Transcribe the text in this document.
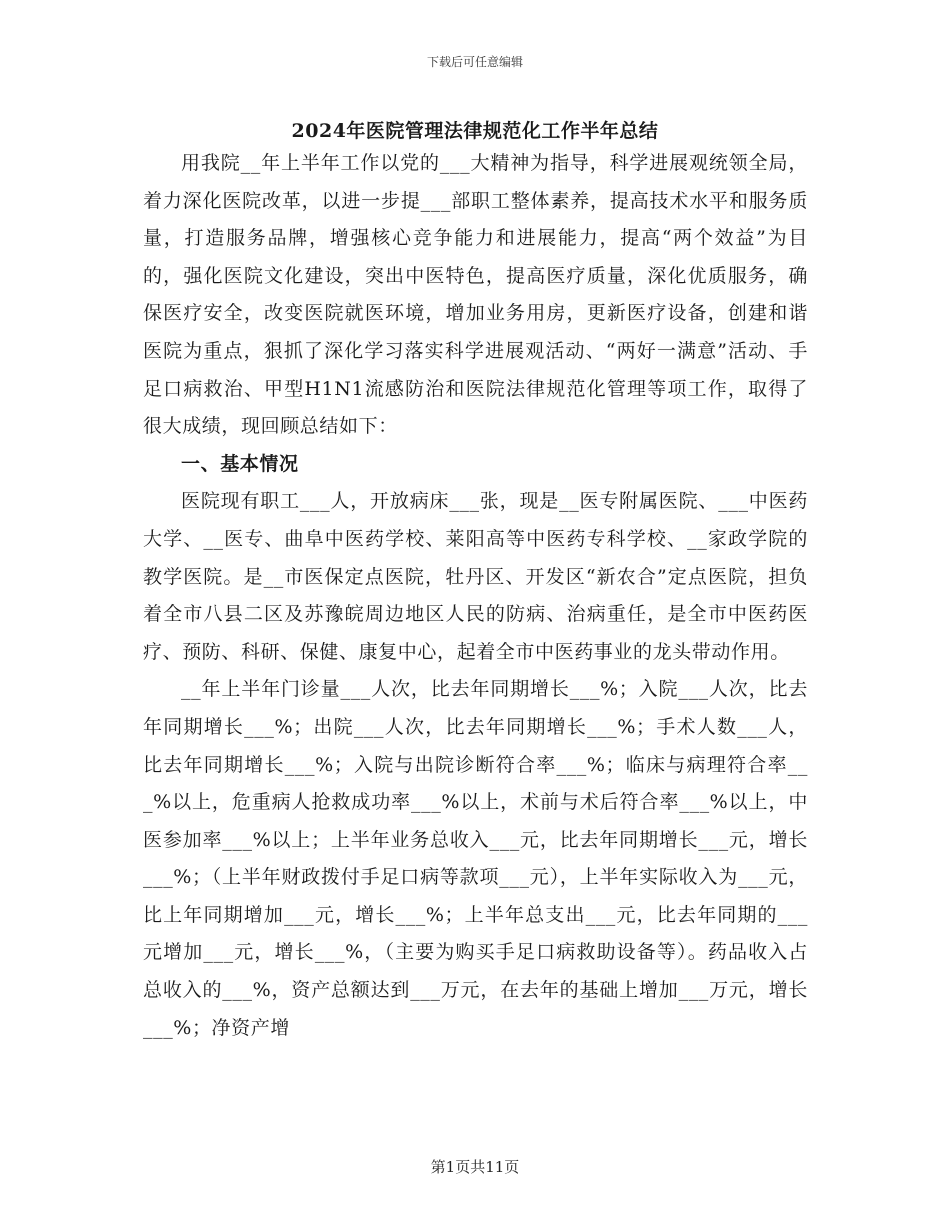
下载后可任意编辑
2024年医院管理法律规范化工作半年总结

用我院__年上半年工作以党的___大精神为指导，科学进展观统领全局，着力深化医院改革，以进一步提___部职工整体素养，提高技术水平和服务质量，打造服务品牌，增强核心竞争能力和进展能力，提高“两个效益”为目的，强化医院文化建设，突出中医特色，提高医疗质量，深化优质服务，确保医疗安全，改变医院就医环境，增加业务用房，更新医疗设备，创建和谐医院为重点，狠抓了深化学习落实科学进展观活动、“两好一满意”活动、手足口病救治、甲型H1N1流感防治和医院法律规范化管理等项工作，取得了很大成绩，现回顾总结如下：

一、基本情况

医院现有职工___人，开放病床___张，现是__医专附属医院、___中医药大学、__医专、曲阜中医药学校、莱阳高等中医药专科学校、__家政学院的教学医院。是__市医保定点医院，牡丹区、开发区“新农合”定点医院，担负着全市八县二区及苏豫皖周边地区人民的防病、治病重任，是全市中医药医疗、预防、科研、保健、康复中心，起着全市中医药事业的龙头带动作用。

__年上半年门诊量___人次，比去年同期增长___%；入院___人次，比去年同期增长___%；出院___人次，比去年同期增长___%；手术人数___人，比去年同期增长___%；入院与出院诊断符合率___%；临床与病理符合率___%以上，危重病人抢救成功率___%以上，术前与术后符合率___%以上，中医参加率___%以上；上半年业务总收入___元，比去年同期增长___元，增长___%；（上半年财政拨付手足口病等款项___元），上半年实际收入为___元，比上年同期增加___元，增长___%；上半年总支出___元，比去年同期的___元增加___元，增长___%，（主要为购买手足口病救助设备等）。药品收入占总收入的___%，资产总额达到___万元，在去年的基础上增加___万元，增长___%；净资产增

第1页共11页
